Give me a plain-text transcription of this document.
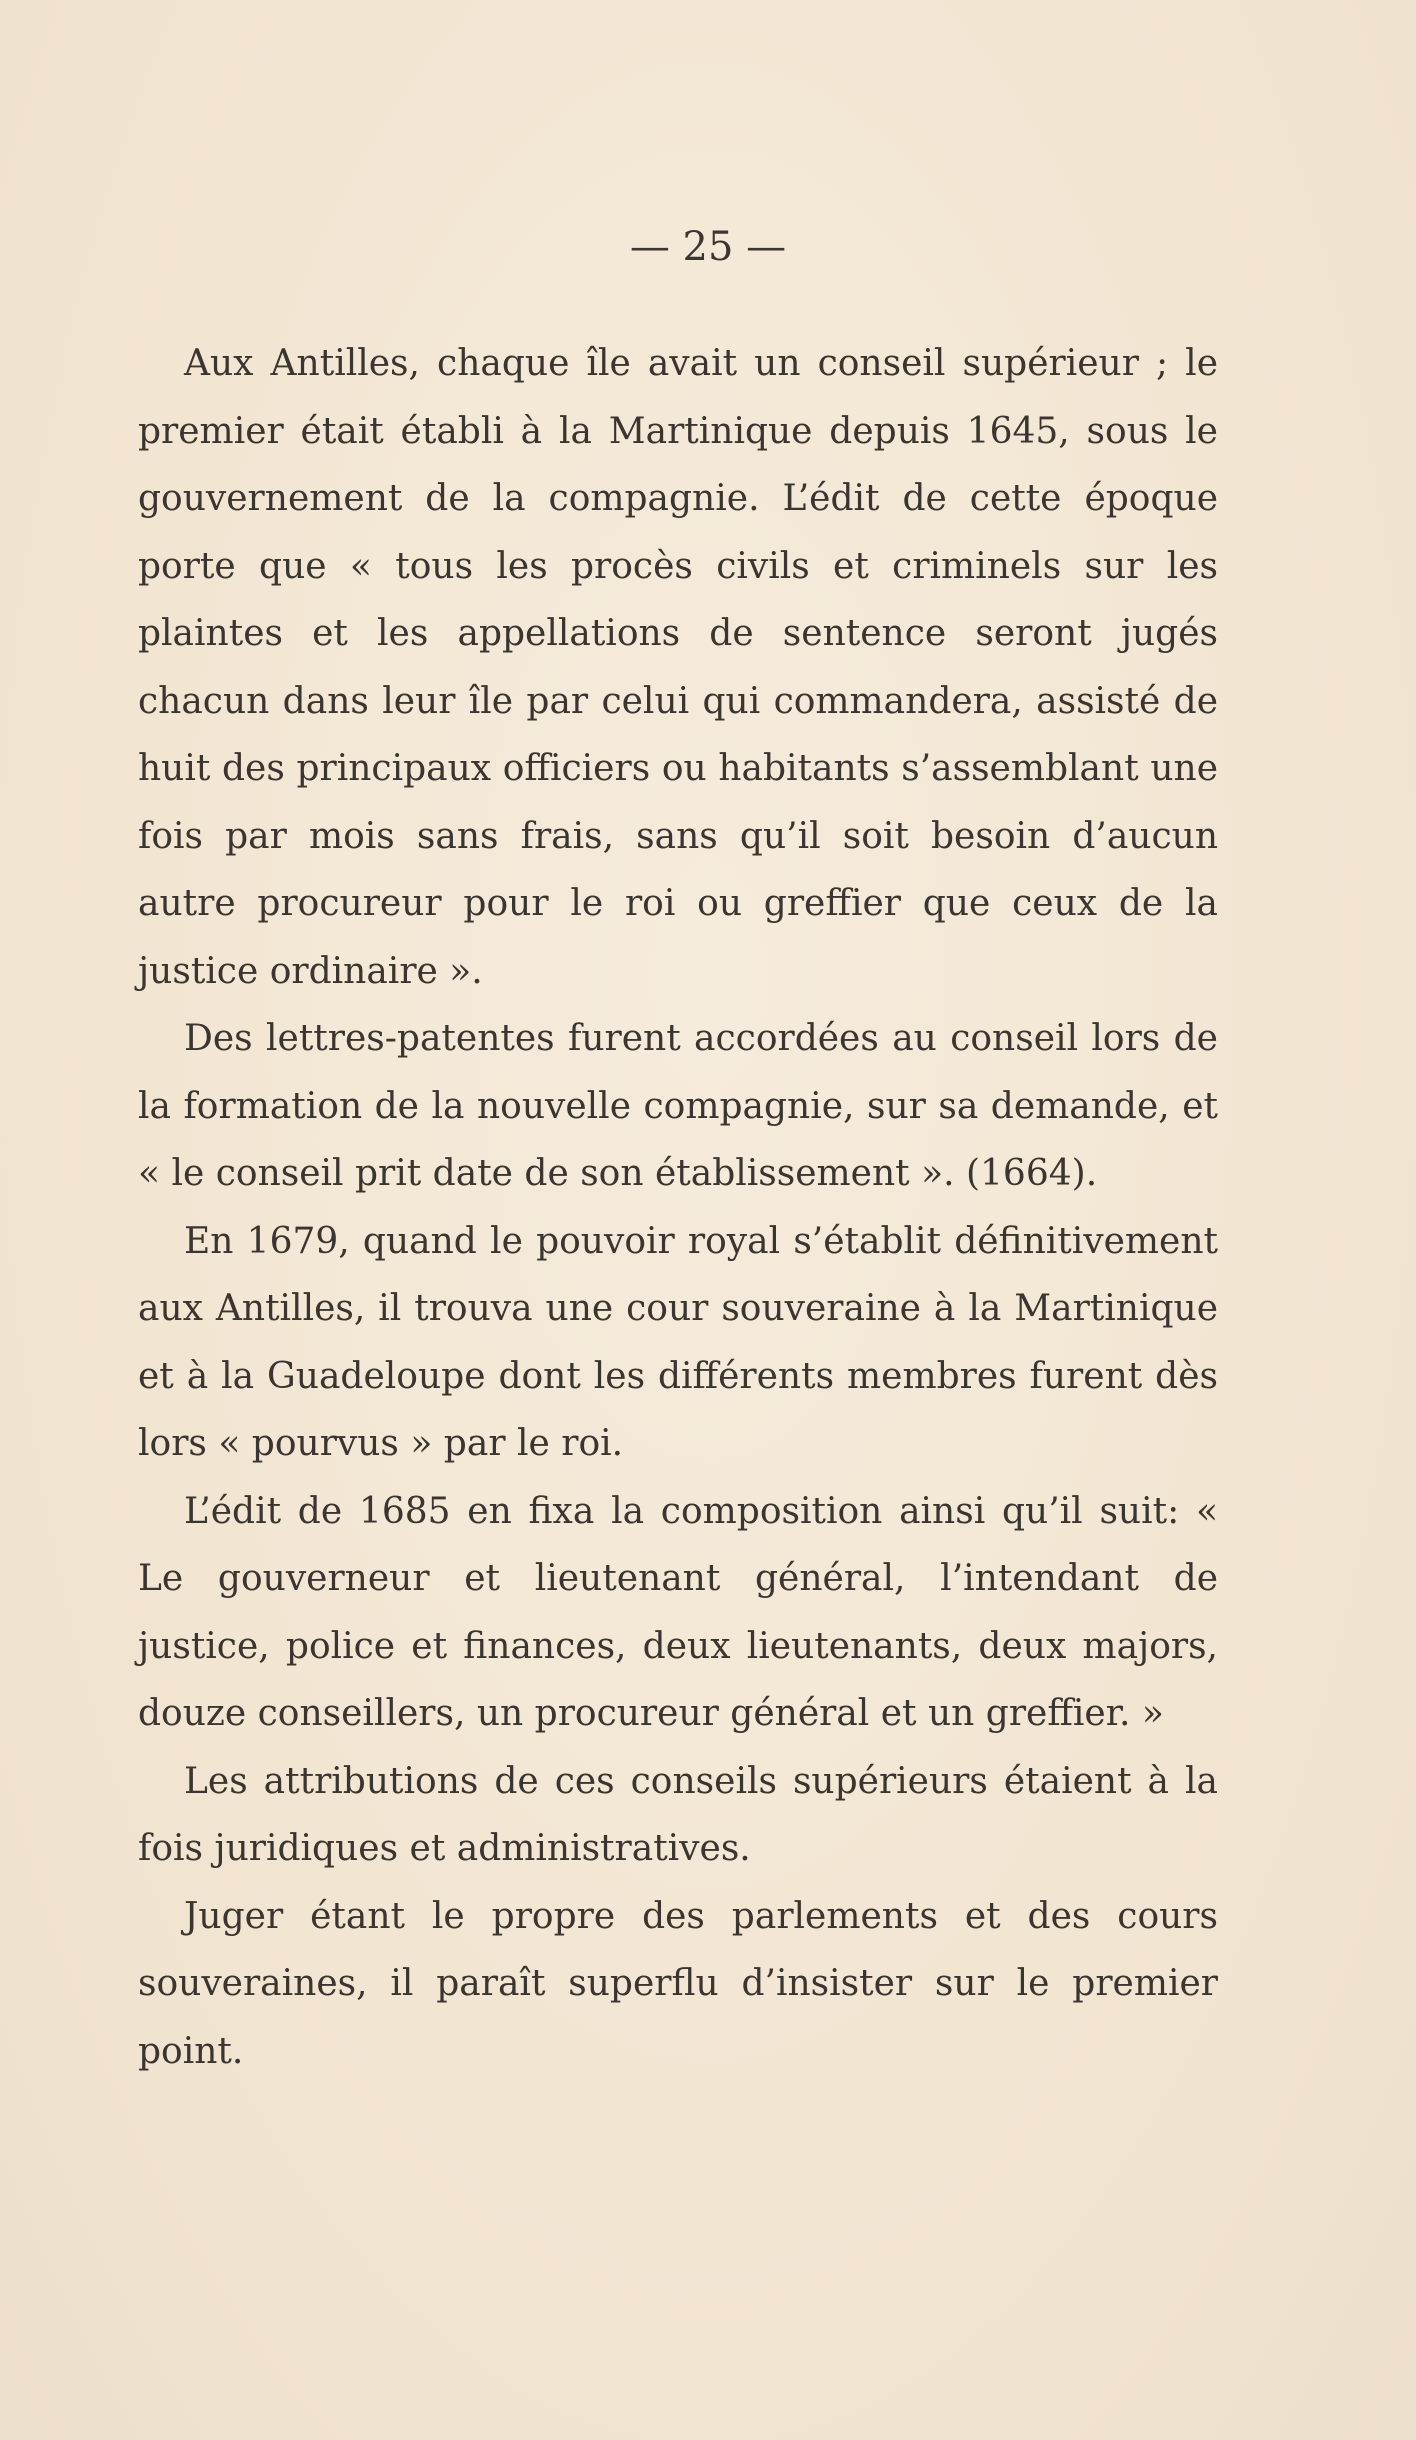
— 25 —

Aux Antilles, chaque île avait un conseil supérieur ; le premier était établi à la Martinique depuis 1645, sous le gouvernement de la compagnie. L’édit de cette époque porte que « tous les procès civils et criminels sur les plaintes et les appellations de sentence seront jugés chacun dans leur île par celui qui commandera, assisté de huit des principaux officiers ou habitants s’assemblant une fois par mois sans frais, sans qu’il soit besoin d’aucun autre procureur pour le roi ou greffier que ceux de la justice ordinaire ».

Des lettres-patentes furent accordées au conseil lors de la formation de la nouvelle compagnie, sur sa demande, et « le conseil prit date de son établissement ». (1664).

En 1679, quand le pouvoir royal s’établit définitivement aux Antilles, il trouva une cour souveraine à la Martinique et à la Guadeloupe dont les différents membres furent dès lors « pourvus » par le roi.

L’édit de 1685 en fixa la composition ainsi qu’il suit: « Le gouverneur et lieutenant général, l’intendant de justice, police et finances, deux lieutenants, deux majors, douze conseillers, un procureur général et un greffier. »

Les attributions de ces conseils supérieurs étaient à la fois juridiques et administratives.

Juger étant le propre des parlements et des cours souveraines, il paraît superflu d’insister sur le premier point.
